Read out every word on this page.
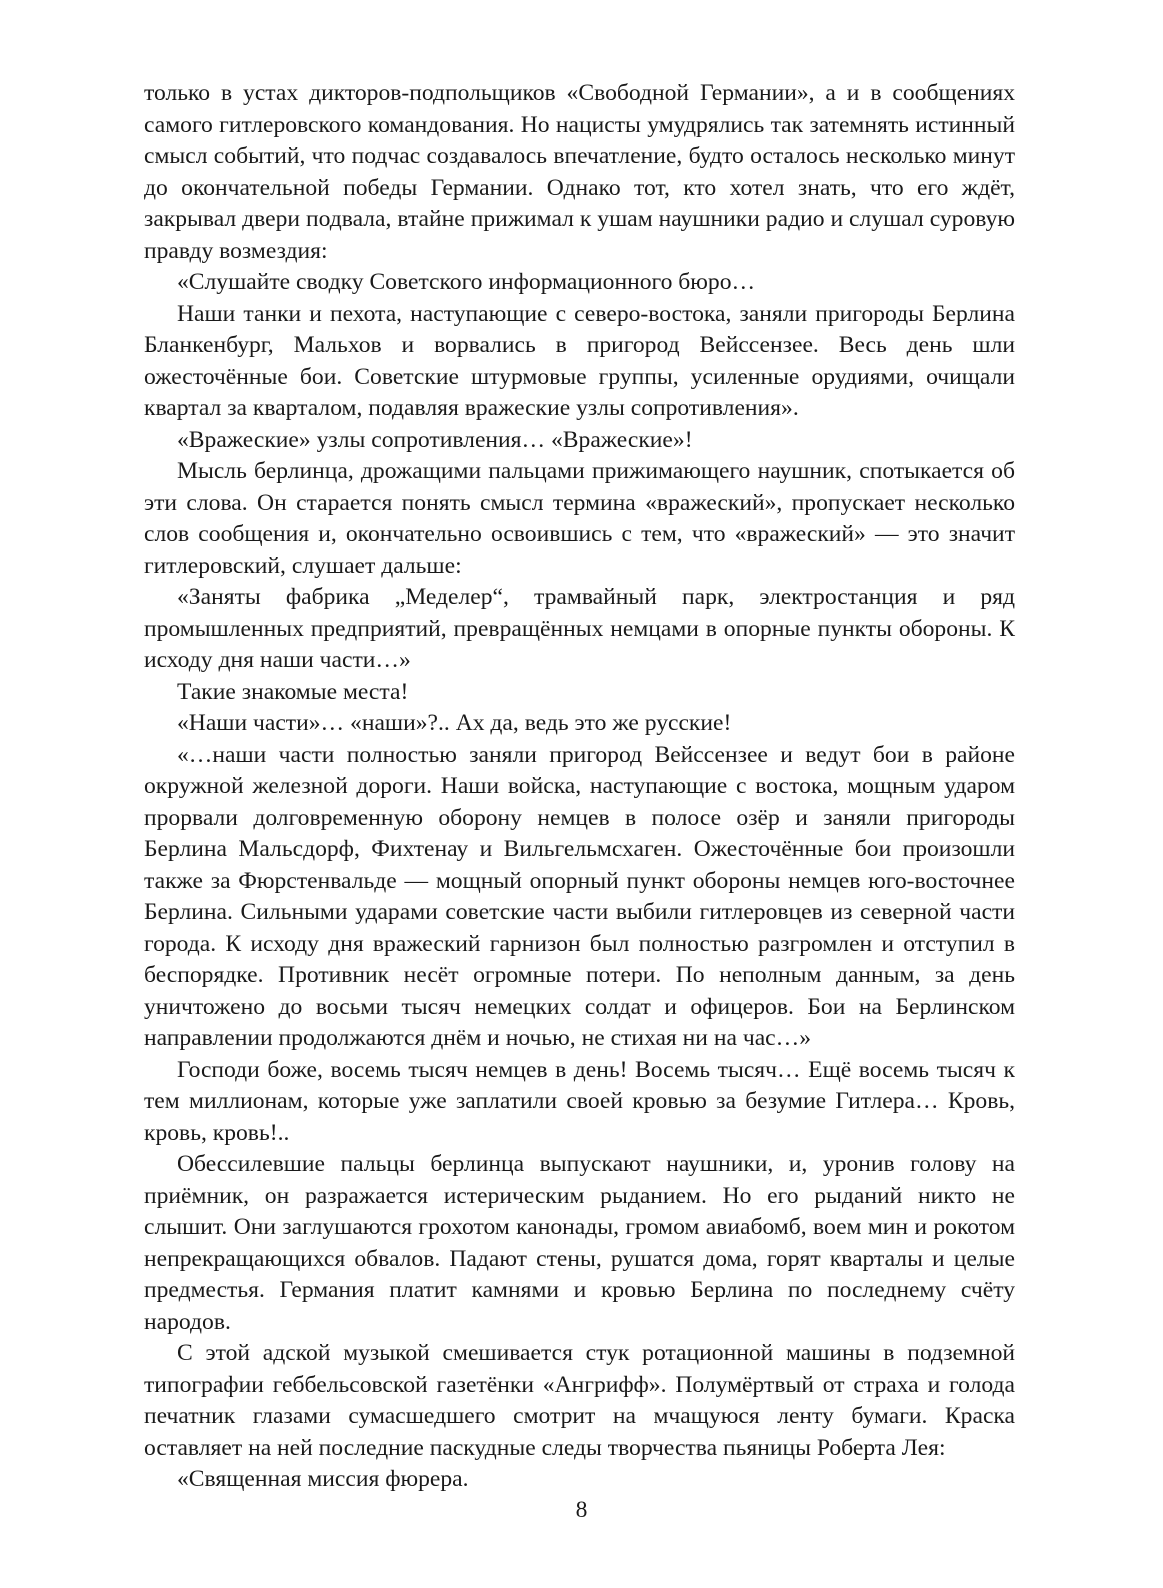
только в устах дикторов-подпольщиков «Свободной Германии», а и в сообщениях самого гитлеровского командования. Но нацисты умудрялись так затемнять истинный смысл событий, что подчас создавалось впечатление, будто осталось несколько минут до окончательной победы Германии. Однако тот, кто хотел знать, что его ждёт, закрывал двери подвала, втайне прижимал к ушам наушники радио и слушал суровую правду возмездия:

«Слушайте сводку Советского информационного бюро…

Наши танки и пехота, наступающие с северо-востока, заняли пригороды Берлина Бланкенбург, Мальхов и ворвались в пригород Вейссензее. Весь день шли ожесточённые бои. Советские штурмовые группы, усиленные орудиями, очищали квартал за кварталом, подавляя вражеские узлы сопротивления».

«Вражеские» узлы сопротивления… «Вражеские»!

Мысль берлинца, дрожащими пальцами прижимающего наушник, спотыкается об эти слова. Он старается понять смысл термина «вражеский», пропускает несколько слов сообщения и, окончательно освоившись с тем, что «вражеский» — это значит гитлеровский, слушает дальше:

«Заняты фабрика „Меделер“, трамвайный парк, электростанция и ряд промышленных предприятий, превращённых немцами в опорные пункты обороны. К исходу дня наши части…»

Такие знакомые места!

«Наши части»… «наши»?.. Ах да, ведь это же русские!

«…наши части полностью заняли пригород Вейссензее и ведут бои в районе окружной железной дороги. Наши войска, наступающие с востока, мощным ударом прорвали долговременную оборону немцев в полосе озёр и заняли пригороды Берлина Мальсдорф, Фихтенау и Вильгельмсхаген. Ожесточённые бои произошли также за Фюрстенвальде — мощный опорный пункт обороны немцев юго-восточнее Берлина. Сильными ударами советские части выбили гитлеровцев из северной части города. К исходу дня вражеский гарнизон был полностью разгромлен и отступил в беспорядке. Противник несёт огромные потери. По неполным данным, за день уничтожено до восьми тысяч немецких солдат и офицеров. Бои на Берлинском направлении продолжаются днём и ночью, не стихая ни на час…»

Господи боже, восемь тысяч немцев в день! Восемь тысяч… Ещё восемь тысяч к тем миллионам, которые уже заплатили своей кровью за безумие Гитлера… Кровь, кровь, кровь!..

Обессилевшие пальцы берлинца выпускают наушники, и, уронив голову на приёмник, он разражается истерическим рыданием. Но его рыданий никто не слышит. Они заглушаются грохотом канонады, громом авиабомб, воем мин и рокотом непрекращающихся обвалов. Падают стены, рушатся дома, горят кварталы и целые предместья. Германия платит камнями и кровью Берлина по последнему счёту народов.

С этой адской музыкой смешивается стук ротационной машины в подземной типографии геббельсовской газетёнки «Ангрифф». Полумёртвый от страха и голода печатник глазами сумасшедшего смотрит на мчащуюся ленту бумаги. Краска оставляет на ней последние паскудные следы творчества пьяницы Роберта Лея:

«Священная миссия фюрера.

8
